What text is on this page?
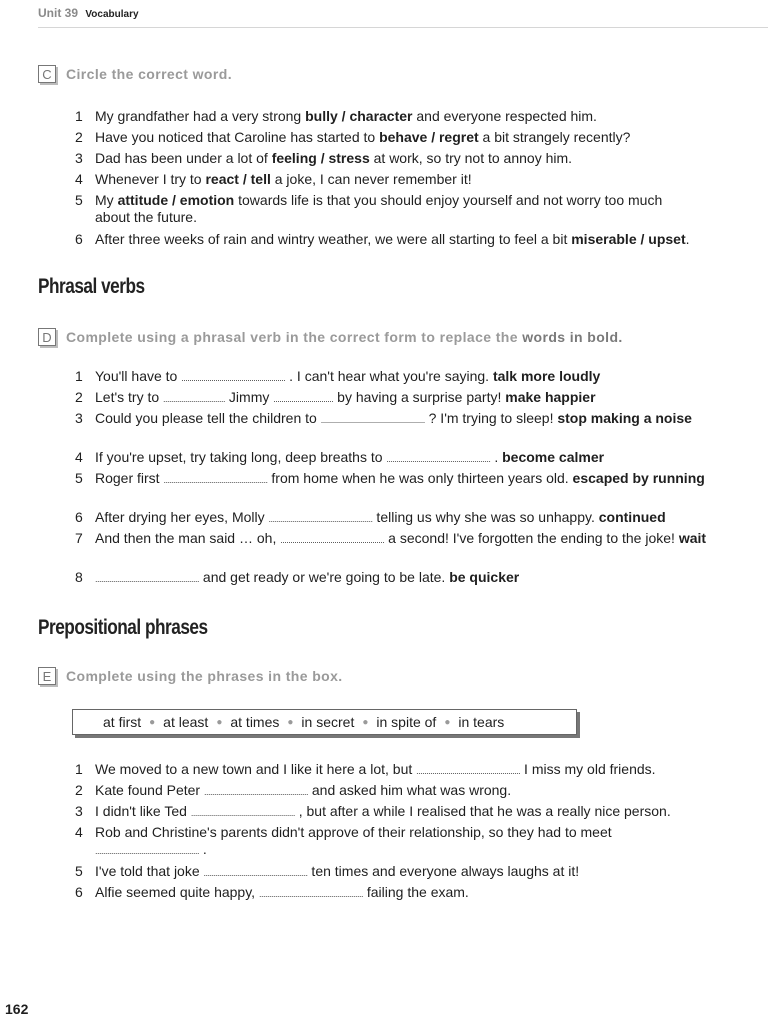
Unit 39 Vocabulary
C	Circle the correct word.
1 My grandfather had a very strong bully / character and everyone respected him.
2 Have you noticed that Caroline has started to behave / regret a bit strangely recently?
3 Dad has been under a lot of feeling / stress at work, so try not to annoy him.
4 Whenever I try to react / tell a joke, I can never remember it!
5 My attitude / emotion towards life is that you should enjoy yourself and not worry too much about the future.
6 After three weeks of rain and wintry weather, we were all starting to feel a bit miserable / upset.
Phrasal verbs
D	Complete using a phrasal verb in the correct form to replace the words in bold.
1 You'll have to .................................................... . I can't hear what you're saying. talk more loudly
2 Let's try to ............................... Jimmy .............................. by having a surprise party! make happier
3 Could you please tell the children to .................................................... ? I'm trying to sleep! stop making a noise
4 If you're upset, try taking long, deep breaths to .................................................... . become calmer
5 Roger first .................................................... from home when he was only thirteen years old. escaped by running
6 After drying her eyes, Molly .................................................... telling us why she was so unhappy. continued
7 And then the man said … oh, .................................................... a second! I've forgotten the ending to the joke! wait
8 .................................................... and get ready or we're going to be late. be quicker
Prepositional phrases
E	Complete using the phrases in the box.
at first ● at least ● at times ● in secret ● in spite of ● in tears
1 We moved to a new town and I like it here a lot, but .................................................... I miss my old friends.
2 Kate found Peter .................................................... and asked him what was wrong.
3 I didn't like Ted .................................................... , but after a while I realised that he was a really nice person.
4 Rob and Christine's parents didn't approve of their relationship, so they had to meet
.................................................... .
5 I've told that joke .................................................... ten times and everyone always laughs at it!
6 Alfie seemed quite happy, .................................................... failing the exam.
162
